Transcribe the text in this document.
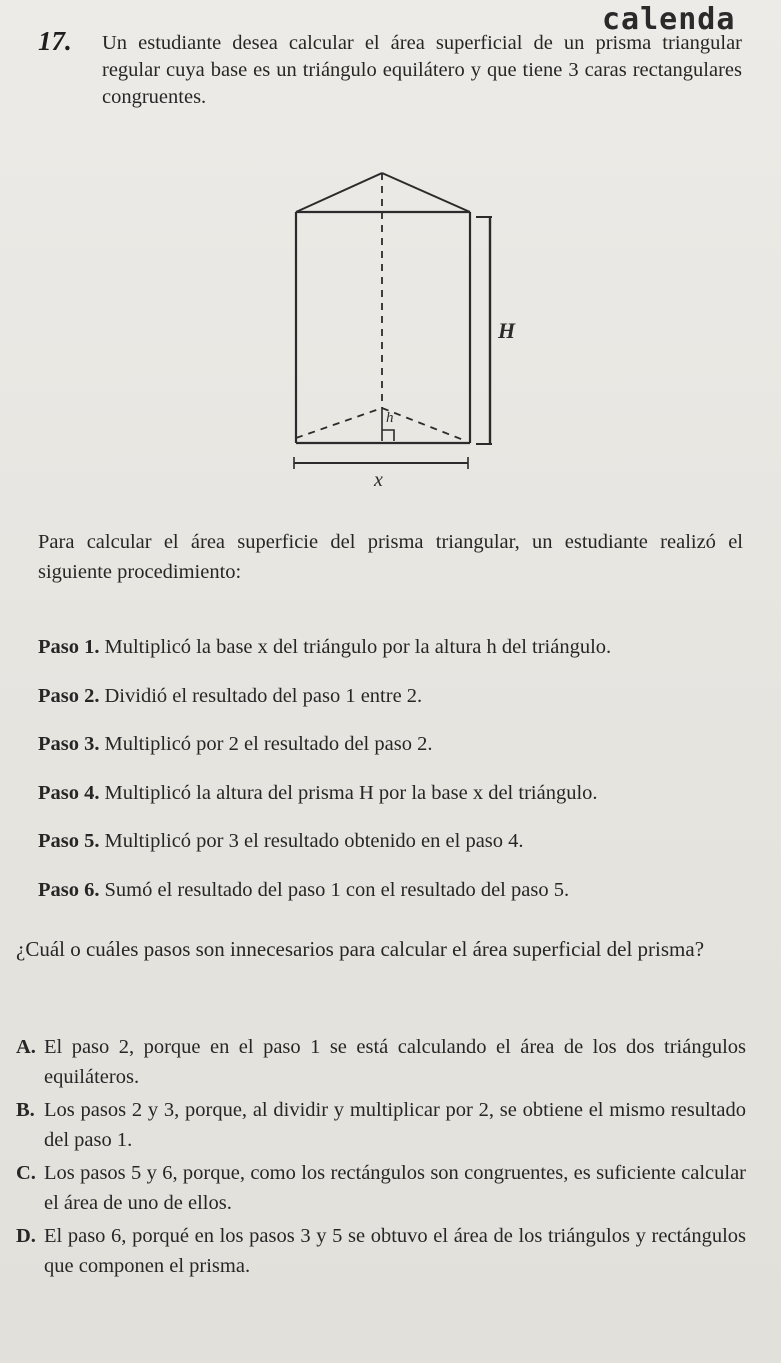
calenda
17. Un estudiante desea calcular el área superficial de un prisma triangular regular cuya base es un triángulo equilátero y que tiene 3 caras rectangulares congruentes.
h
H
x
Para calcular el área superficie del prisma triangular, un estudiante realizó el siguiente procedimiento:
Paso 1. Multiplicó la base x del triángulo por la altura h del triángulo.
Paso 2. Dividió el resultado del paso 1 entre 2.
Paso 3. Multiplicó por 2 el resultado del paso 2.
Paso 4. Multiplicó la altura del prisma H por la base x del triángulo.
Paso 5. Multiplicó por 3 el resultado obtenido en el paso 4.
Paso 6. Sumó el resultado del paso 1 con el resultado del paso 5.
¿Cuál o cuáles pasos son innecesarios para calcular el área superficial del prisma?
A. El paso 2, porque en el paso 1 se está calculando el área de los dos triángulos equiláteros.
B. Los pasos 2 y 3, porque, al dividir y multiplicar por 2, se obtiene el mismo resultado del paso 1.
C. Los pasos 5 y 6, porque, como los rectángulos son congruentes, es suficiente calcular el área de uno de ellos.
D. El paso 6, porqué en los pasos 3 y 5 se obtuvo el área de los triángulos y rectángulos que componen el prisma.
